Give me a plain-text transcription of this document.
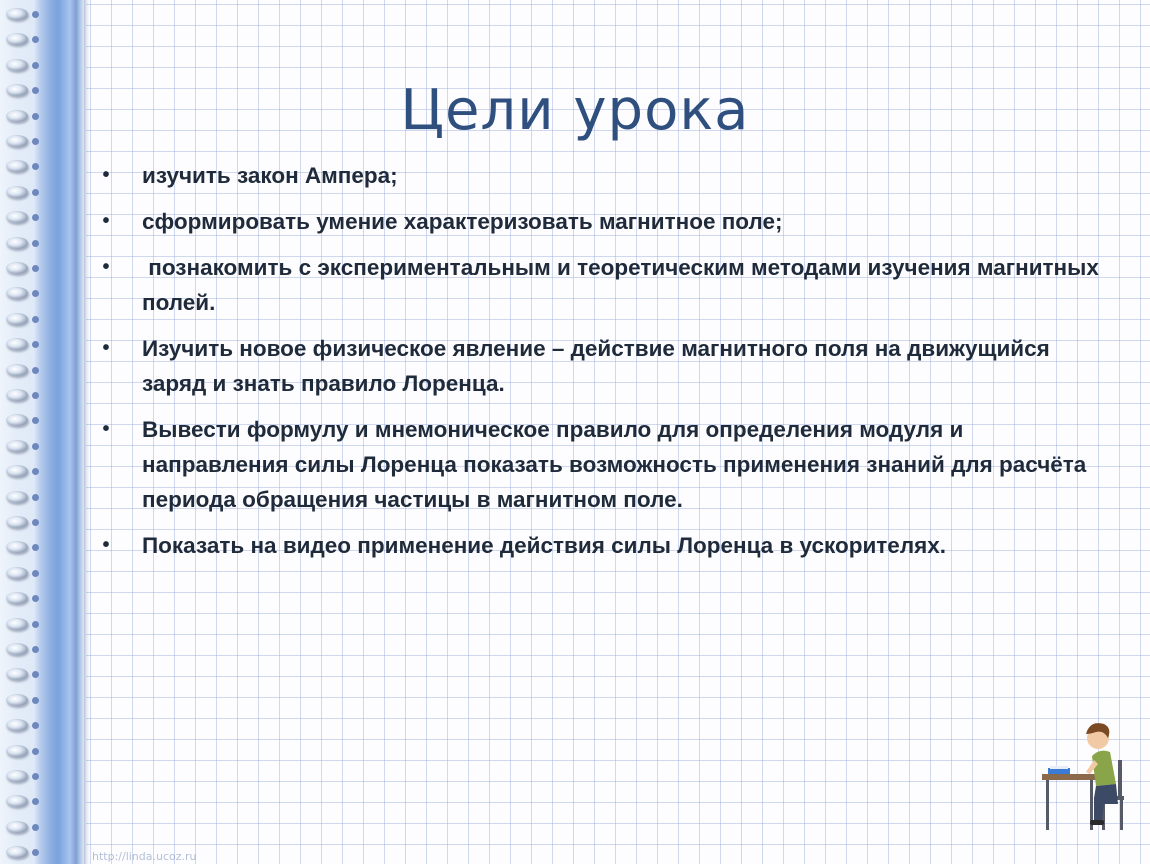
Цели урока
• изучить закон Ампера;
• сформировать умение характеризовать магнитное поле;
• познакомить с экспериментальным и теоретическим методами изучения магнитных полей.
• Изучить новое физическое явление – действие магнитного поля на движущийся заряд и знать правило Лоренца.
• Вывести формулу и мнемоническое правило для определения модуля и направления силы Лоренца показать возможность применения знаний для расчёта периода обращения частицы в магнитном поле.
• Показать на видео применение действия силы Лоренца в ускорителях.
http://linda.ucoz.ru
